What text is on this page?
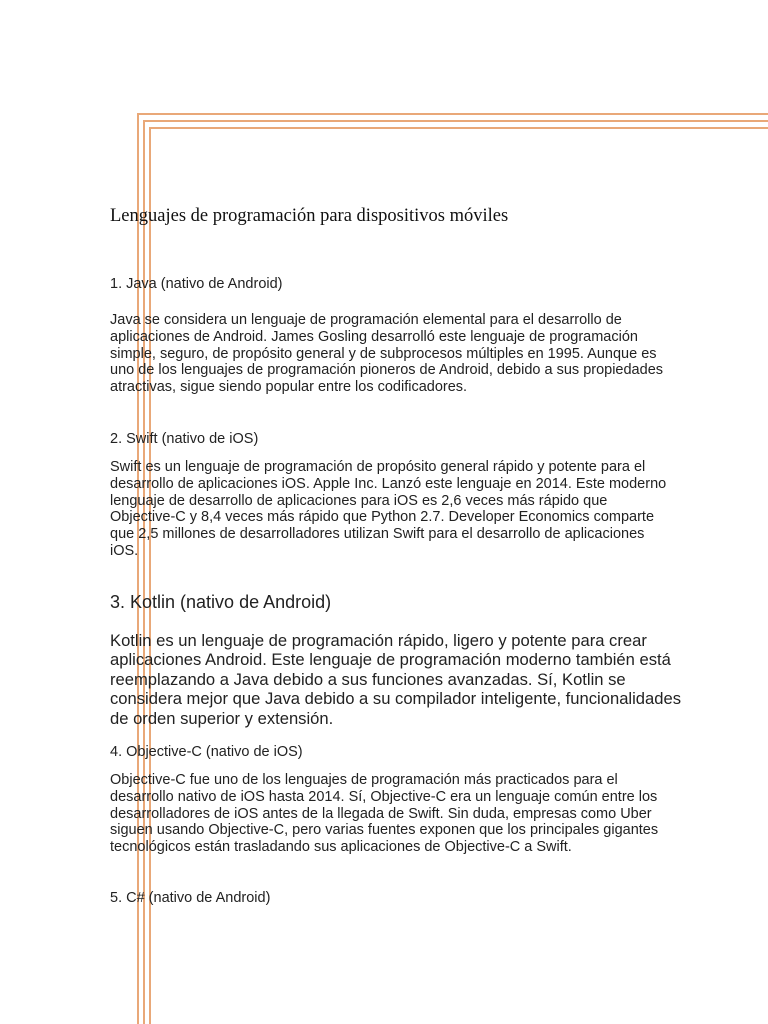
Lenguajes de programación para dispositivos móviles

1. Java (nativo de Android)

Java se considera un lenguaje de programación elemental para el desarrollo de aplicaciones de Android. James Gosling desarrolló este lenguaje de programación simple, seguro, de propósito general y de subprocesos múltiples en 1995. Aunque es uno de los lenguajes de programación pioneros de Android, debido a sus propiedades atractivas, sigue siendo popular entre los codificadores.

2. Swift (nativo de iOS)

Swift es un lenguaje de programación de propósito general rápido y potente para el desarrollo de aplicaciones iOS. Apple Inc. Lanzó este lenguaje en 2014. Este moderno lenguaje de desarrollo de aplicaciones para iOS es 2,6 veces más rápido que Objective-C y 8,4 veces más rápido que Python 2.7. Developer Economics comparte que 2,5 millones de desarrolladores utilizan Swift para el desarrollo de aplicaciones iOS.

3. Kotlin (nativo de Android)

Kotlin es un lenguaje de programación rápido, ligero y potente para crear aplicaciones Android. Este lenguaje de programación moderno también está reemplazando a Java debido a sus funciones avanzadas. Sí, Kotlin se considera mejor que Java debido a su compilador inteligente, funcionalidades de orden superior y extensión.

4. Objective-C (nativo de iOS)

Objective-C fue uno de los lenguajes de programación más practicados para el desarrollo nativo de iOS hasta 2014. Sí, Objective-C era un lenguaje común entre los desarrolladores de iOS antes de la llegada de Swift. Sin duda, empresas como Uber siguen usando Objective-C, pero varias fuentes exponen que los principales gigantes tecnológicos están trasladando sus aplicaciones de Objective-C a Swift.

5. C# (nativo de Android)
